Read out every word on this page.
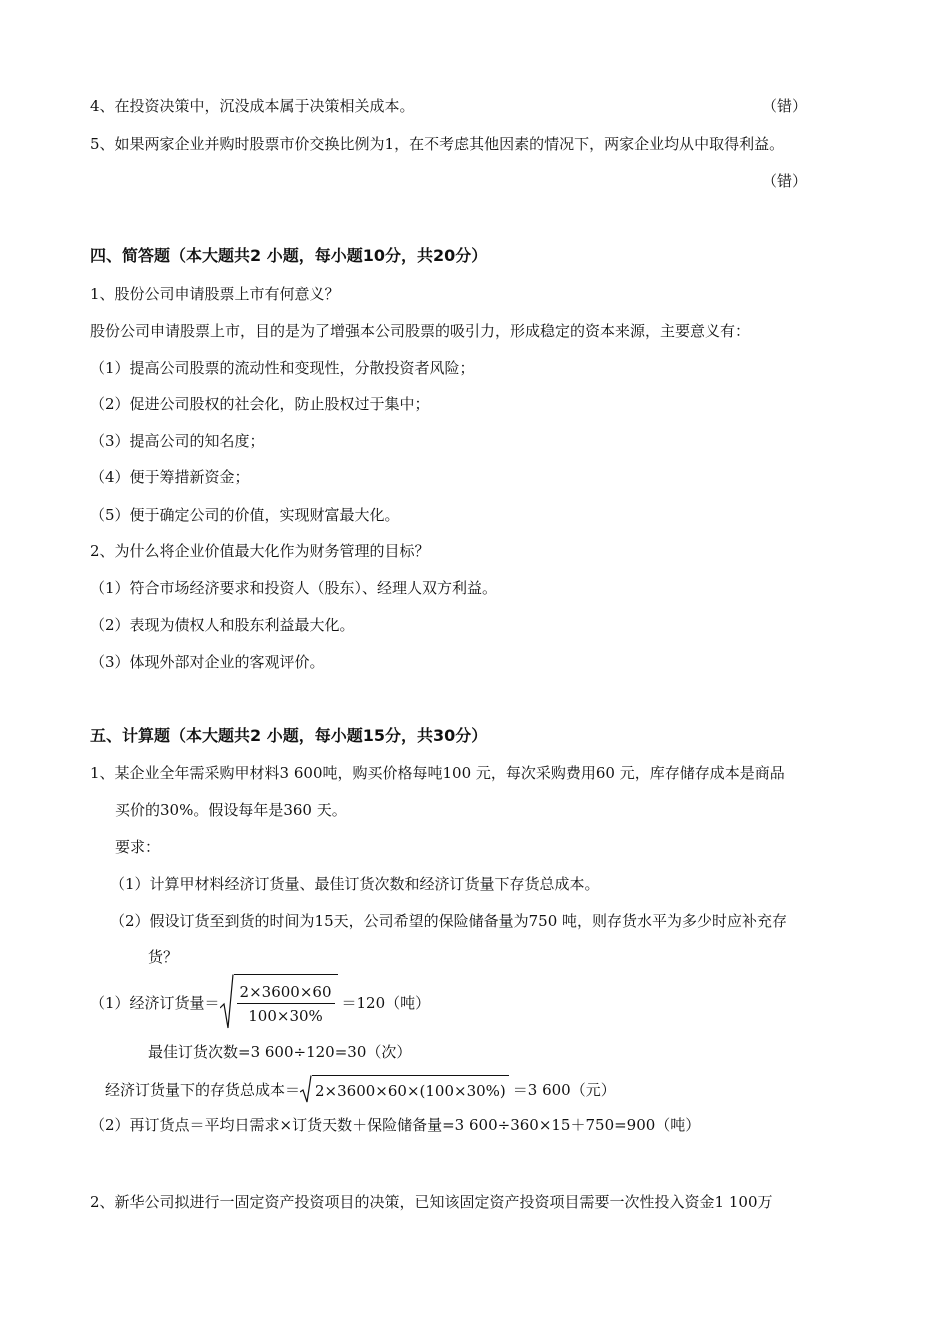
4、在投资决策中，沉没成本属于决策相关成本。	（错）
5、如果两家企业并购时股票市价交换比例为1，在不考虑其他因素的情况下，两家企业均从中取得利益。
（错）
四、简答题（本大题共2 小题，每小题10分，共20分）
1、股份公司申请股票上市有何意义？
股份公司申请股票上市，目的是为了增强本公司股票的吸引力，形成稳定的资本来源，主要意义有：
（1）提高公司股票的流动性和变现性，分散投资者风险；
（2）促进公司股权的社会化，防止股权过于集中；
（3）提高公司的知名度；
（4）便于筹措新资金；
（5）便于确定公司的价值，实现财富最大化。
2、为什么将企业价值最大化作为财务管理的目标？
（1）符合市场经济要求和投资人（股东）、经理人双方利益。
（2）表现为债权人和股东利益最大化。
（3）体现外部对企业的客观评价。
五、计算题（本大题共2 小题，每小题15分，共30分）
1、某企业全年需采购甲材料3 600吨，购买价格每吨100 元，每次采购费用60 元，库存储存成本是商品
买价的30%。假设每年是360 天。
要求：
（1）计算甲材料经济订货量、最佳订货次数和经济订货量下存货总成本。
（2）假设订货至到货的时间为15天，公司希望的保险储备量为750 吨，则存货水平为多少时应补充存
货？
（1）经济订货量＝ $\frac{2\times 3600\times 60}{100\times 30\%} =120$（吨）
最佳订货次数=3 600÷120=30（次）
经济订货量下的存货总成本＝ 2×3600×60×(100×30%) ＝3 600（元）
（2）再订货点＝平均日需求×订货天数＋保险储备量=3 600÷360×15＋750=900（吨）
2、新华公司拟进行一固定资产投资项目的决策，已知该固定资产投资项目需要一次性投入资金1 100万
